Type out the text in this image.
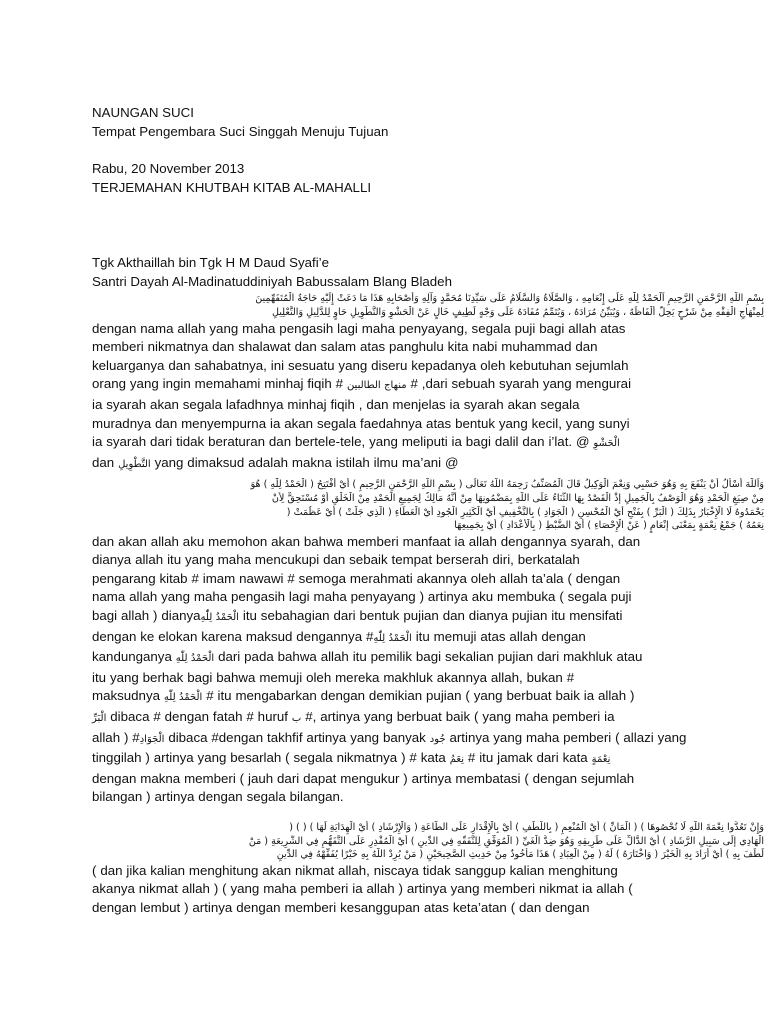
NAUNGAN SUCI
Tempat Pengembara Suci Singgah Menuju Tujuan
Rabu, 20 November 2013
TERJEMAHAN KHUTBAH KITAB AL-MAHALLI
Tgk Akthaillah bin Tgk H M Daud Syafi’e
Santri Dayah Al-Madinatuddiniyah Babussalam Blang Bladeh
بِسْمِ اللَّهِ الرَّحْمَنِ الرَّحِيمِ اَلْحَمْدُ لِلّٰهِ عَلَى إِنْعَامِهِ ، وَالصَّلَاةُ وَالسَّلَامُ عَلَى سَيِّدِنَا مُحَمَّدٍ وَآلِهِ وَأَصْحَابِهِ هَذَا مَا دَعَتْ إِلَيْهِ حَاجَةُ الْمُتَفَهِّمِينَ
لِمِنْهَاجِ الْفِقْهِ مِنْ شَرْحٍ يَحِلُّ أَلْفَاظَهُ ، وَيُبَيِّنُ مُرَادَهُ ، وَيُتَمِّمُ مُفَادَهُ عَلَى وَجْهٍ لَطِيفٍ خَالٍ عَنْ الْحَشْوِ وَالتَّطْوِيلِ حَاوٍ لِلدَّلِيلِ وَالتَّعْلِيلِ
dengan nama allah yang maha pengasih lagi maha penyayang, segala puji bagi allah atas
memberi nikmatnya dan shalawat dan salam atas panghulu kita nabi muhammad dan
keluarganya dan sahabatnya, ini sesuatu yang diseru kepadanya oleh kebutuhan sejumlah
orang yang ingin memahami minhaj fiqih # منهاج الطالبين # ,dari sebuah syarah yang mengurai
ia syarah akan segala lafadhnya minhaj fiqih , dan menjelas ia syarah akan segala
muradnya dan menyempurna ia akan segala faedahnya atas bentuk yang kecil, yang sunyi
ia syarah dari tidak beraturan dan bertele-tele, yang meliputi ia bagi dalil dan i’lat. @ الْحَشْوِ
dan التَّطْوِيلِ yang dimaksud adalah makna istilah ilmu ma’ani @
وَاَللَّهَ أَسْأَلُ أَنْ يَنْفَعَ بِهِ وَهُوَ حَسْبِي وَنِعْمَ الْوَكِيلُ قَالَ الْمُصَنِّفُ رَحِمَهُ اللَّهُ تَعَالَى ( بِسْمِ اللَّهِ الرَّحْمَنِ الرَّحِيمِ ) أَيْ أَفْتَتِحُ ( الْحَمْدُ لِلّٰهِ ) هُوَ
مِنْ صِيَغِ الْحَمْدِ وَهُوَ الْوَصْفُ بِالْجَمِيلِ إذْ الْقَصْدُ بِهَا الثَّنَاءُ عَلَى اللَّهِ بِمَضْمُونِهَا مِنْ أَنَّهُ مَالِكٌ لِجَمِيعِ الْحَمْدِ مِنْ الْخَلْقِ أَوْ مُسْتَحِقٌّ لِأَنْ
يَحْمَدُوهُ لَا الْإِخْبَارُ بِذَلِكَ ( الْبَرِّ ) بِفَتْحِ أَيْ الْمُحْسِنِ ( الْجَوَادِ ) بِالتَّخْفِيفِ أَيْ الْكَثِيرِ الْجُودِ أَيْ الْعَطَاءِ ( الَّذِي جَلَّتْ ) أَيْ عَظُمَتْ (
نِعَمُهُ ) جَمْعُ نِعْمَةٍ بِمَعْنَى إنْعَامٍ ( عَنْ الْإِحْصَاءِ ) أَيْ الضَّبْطِ ( بِالْأَعْدَادِ ) أَيْ بِجَمِيعِهَا
dan akan allah aku memohon akan bahwa memberi manfaat ia allah dengannya syarah, dan
dianya allah itu yang maha mencukupi dan sebaik tempat berserah diri, berkatalah
pengarang kitab # imam nawawi # semoga merahmati akannya oleh allah ta’ala ( dengan
nama allah yang maha pengasih lagi maha penyayang ) artinya aku membuka ( segala puji
bagi allah ) dianyaالْحَمْدُ لِلّٰهِ itu sebahagian dari bentuk pujian dan dianya pujian itu mensifati
dengan ke elokan karena maksud dengannya #الْحَمْدُ لِلّٰهِ itu memuji atas allah dengan
kandunganya الْحَمْدُ لِلّٰهِ dari pada bahwa allah itu pemilik bagi sekalian pujian dari makhluk atau
itu yang berhak bagi bahwa memuji oleh mereka makhluk akannya allah, bukan #
maksudnya الْحَمْدُ لِلّٰهِ # itu mengabarkan dengan demikian pujian ( yang berbuat baik ia allah )
الْبَرِّ dibaca # dengan fatah # huruf ب #, artinya yang berbuat baik ( yang maha pemberi ia
allah ) #الْجَوَادِ dibaca #dengan takhfif artinya yang banyak جُود artinya yang maha pemberi ( allazi yang
tinggilah ) artinya yang besarlah ( segala nikmatnya ) # kata نِعَمُ # itu jamak dari kata نِعْمَةٍ
dengan makna memberi ( jauh dari dapat mengukur ) artinya membatasi ( dengan sejumlah
bilangan ) artinya dengan segala bilangan.
وَإِنْ تَعُدُّوا نِعْمَةَ اللَّهِ لَا تُحْصُوهَا ) ( الْمَانِّ ) أَيْ الْمُنْعِمِ ( بِاللُّطْفِ ) أَيْ بِالْإِقْدَارِ عَلَى الطَّاعَةِ ( وَالْإِرْشَادِ ) أَيْ الْهِدَايَةِ لَهَا ) ( ) (
الْهَادِي إلَى سَبِيلِ الرَّشَادِ ) أَيْ الدَّالِّ عَلَى طَرِيقِهِ وَهُوَ ضِدُّ الْغَيِّ ( الْمُوَفِّقِ لِلتَّفَقُّهِ فِي الدِّينِ ) أَيْ الْمُقْدِرِ عَلَى التَّفَهُّمِ فِي الشَّرِيعَةِ ( مَنْ
لَطَفَ بِهِ ) أَيْ أَرَادَ بِهِ الْخَيْرَ ( وَاخْتَارَهُ ) لَهُ ( مِنْ الْعِبَادِ ) هَذَا مَأْخُوذٌ مِنْ حَدِيثِ الصَّحِيحَيْنِ ( مَنْ يُرِدْ اللَّهُ بِهِ خَيْرًا يُفَقِّهْهُ فِي الدِّينِ
( dan jika kalian menghitung akan nikmat allah, niscaya tidak sanggup kalian menghitung
akanya nikmat allah ) ( yang maha pemberi ia allah ) artinya yang memberi nikmat ia allah (
dengan lembut ) artinya dengan memberi kesanggupan atas keta’atan ( dan dengan
